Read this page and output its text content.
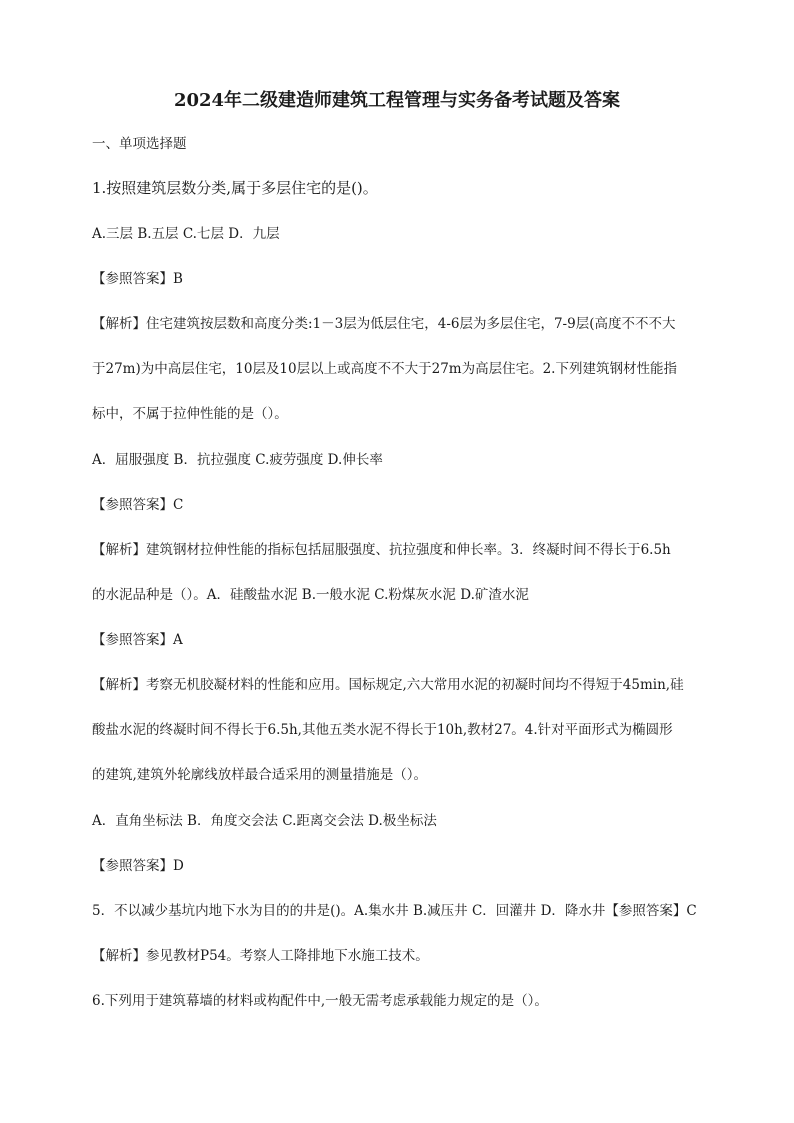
2024年二级建造师建筑工程管理与实务备考试题及答案
一、单项选择题
1.按照建筑层数分类,属于多层住宅的是()。
A.三层 B.五层 C.七层 D．九层
【参照答案】B
【解析】住宅建筑按层数和高度分类:1－3层为低层住宅，4-6层为多层住宅，7-9层(高度不不不大
于27m)为中高层住宅，10层及10层以上或高度不不大于27m为高层住宅。2.下列建筑钢材性能指
标中，不属于拉伸性能的是（）。
A．屈服强度 B．抗拉强度 C.疲劳强度 D.伸长率
【参照答案】C
【解析】建筑钢材拉伸性能的指标包括屈服强度、抗拉强度和伸长率。3．终凝时间不得长于6.5h
的水泥品种是（）。A．硅酸盐水泥 B.一般水泥 C.粉煤灰水泥 D.矿渣水泥
【参照答案】A
【解析】考察无机胶凝材料的性能和应用。国标规定,六大常用水泥的初凝时间均不得短于45min,硅
酸盐水泥的终凝时间不得长于6.5h,其他五类水泥不得长于10h,教材27。4.针对平面形式为椭圆形
的建筑,建筑外轮廓线放样最合适采用的测量措施是（）。
A．直角坐标法 B．角度交会法 C.距离交会法 D.极坐标法
【参照答案】D
5．不以减少基坑内地下水为目的的井是()。A.集水井 B.减压井 C．回灌井 D．降水井【参照答案】C
【解析】参见教材P54。考察人工降排地下水施工技术。
6.下列用于建筑幕墙的材料或构配件中,一般无需考虑承载能力规定的是（）。
